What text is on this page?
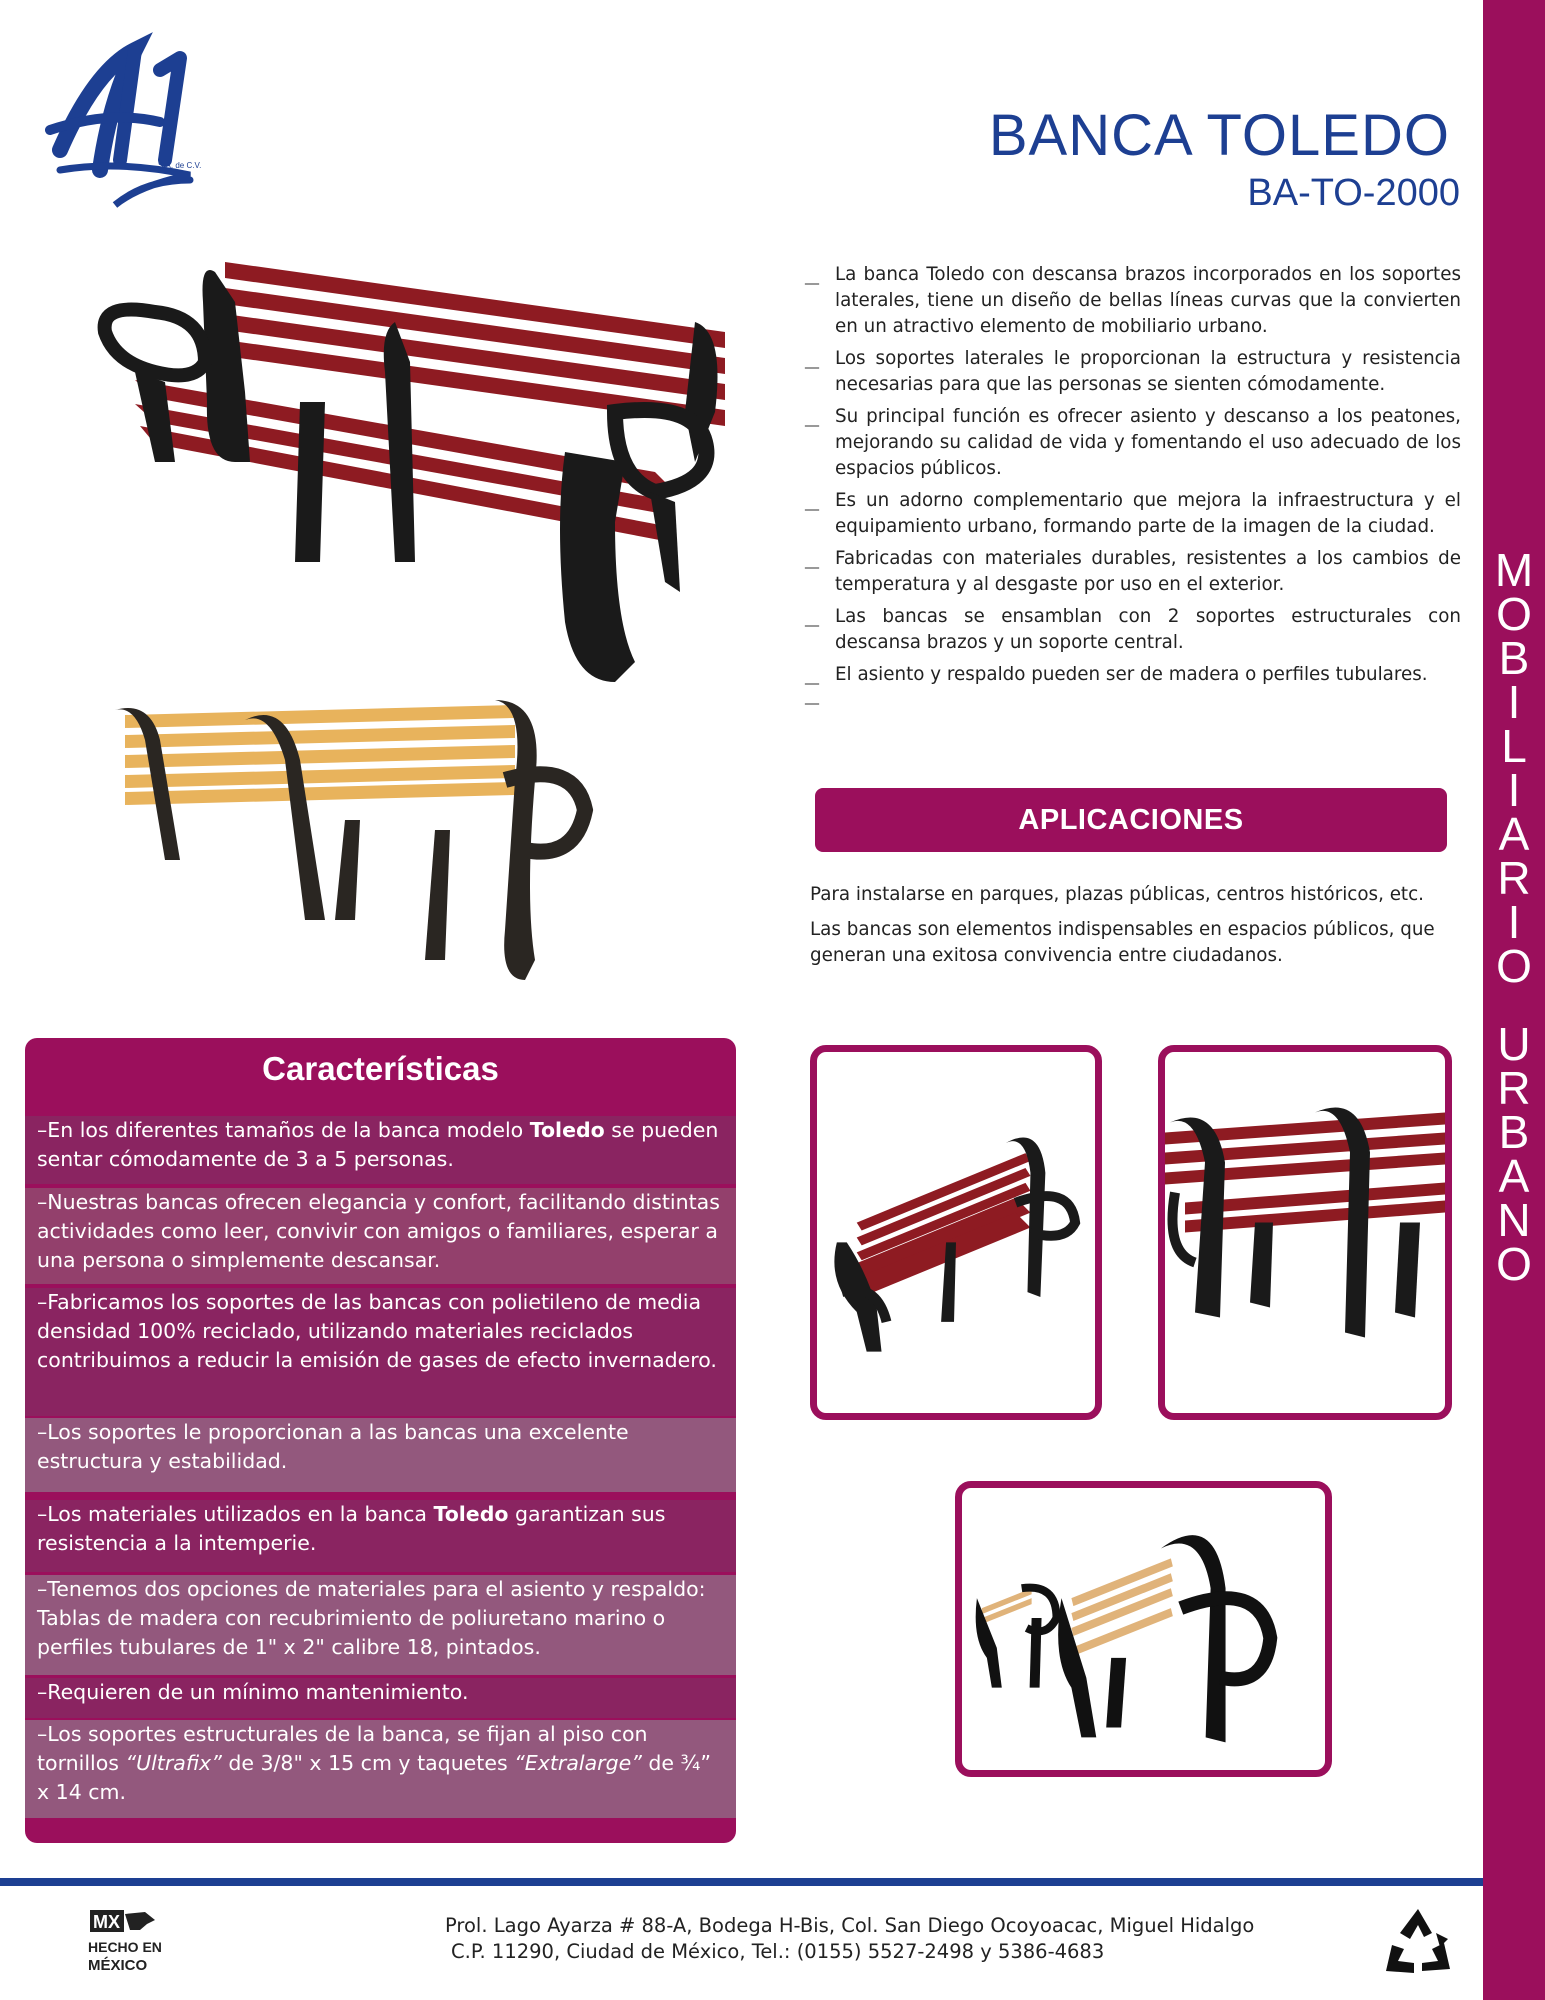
M
O
B
I
L
I
A
R
I
O
U
R
B
A
N
O
S.A. de C.V.	BANCA TOLEDO
BA-TO-2000
__ La banca Toledo con descansa brazos incorporados en los soportes laterales, tiene un diseño de bellas líneas curvas que la convierten en un atractivo elemento de mobiliario urbano.
__ Los soportes laterales le proporcionan la estructura y resistencia necesarias para que las personas se sienten cómodamente.
__ Su principal función es ofrecer asiento y descanso a los peatones, mejorando su calidad de vida y fomentando el uso adecuado de los espacios públicos.
__ Es un adorno complementario que mejora la infraestructura y el equipamiento urbano, formando parte de la imagen de la ciudad.
__ Fabricadas con materiales durables, resistentes a los cambios de temperatura y al desgaste por uso en el exterior.
__ Las bancas se ensamblan con 2 soportes estructurales con descansa brazos y un soporte central.
__ El asiento y respaldo pueden ser de madera o perfiles tubulares.
__
APLICACIONES

Para instalarse en parques, plazas públicas, centros históricos, etc.

Las bancas son elementos indispensables en espacios públicos, que generan una exitosa convivencia entre ciudadanos.

Características
–En los diferentes tamaños de la banca modelo Toledo se pueden sentar cómodamente de 3 a 5 personas.
–Nuestras bancas ofrecen elegancia y confort, facilitando distintas actividades como leer, convivir con amigos o familiares, esperar a una persona o simplemente descansar.
–Fabricamos los soportes de las bancas con polietileno de media densidad 100% reciclado, utilizando materiales reciclados contribuimos a reducir la emisión de gases de efecto invernadero.
–Los soportes le proporcionan a las bancas una excelente estructura y estabilidad.
–Los materiales utilizados en la banca Toledo garantizan sus resistencia a la intemperie.
–Tenemos dos opciones de materiales para el asiento y respaldo: Tablas de madera con recubrimiento de poliuretano marino o perfiles tubulares de 1" x 2" calibre 18, pintados.
–Requieren de un mínimo mantenimiento.
–Los soportes estructurales de la banca, se fijan al piso con tornillos “Ultrafix” de 3/8" x 15 cm y taquetes “Extralarge” de ¾” x 14 cm.
MX
HECHO EN
MÉXICO
Prol. Lago Ayarza # 88-A, Bodega H-Bis, Col. San Diego Ocoyoacac, Miguel Hidalgo
C.P. 11290, Ciudad de México, Tel.: (0155) 5527-2498 y 5386-4683
